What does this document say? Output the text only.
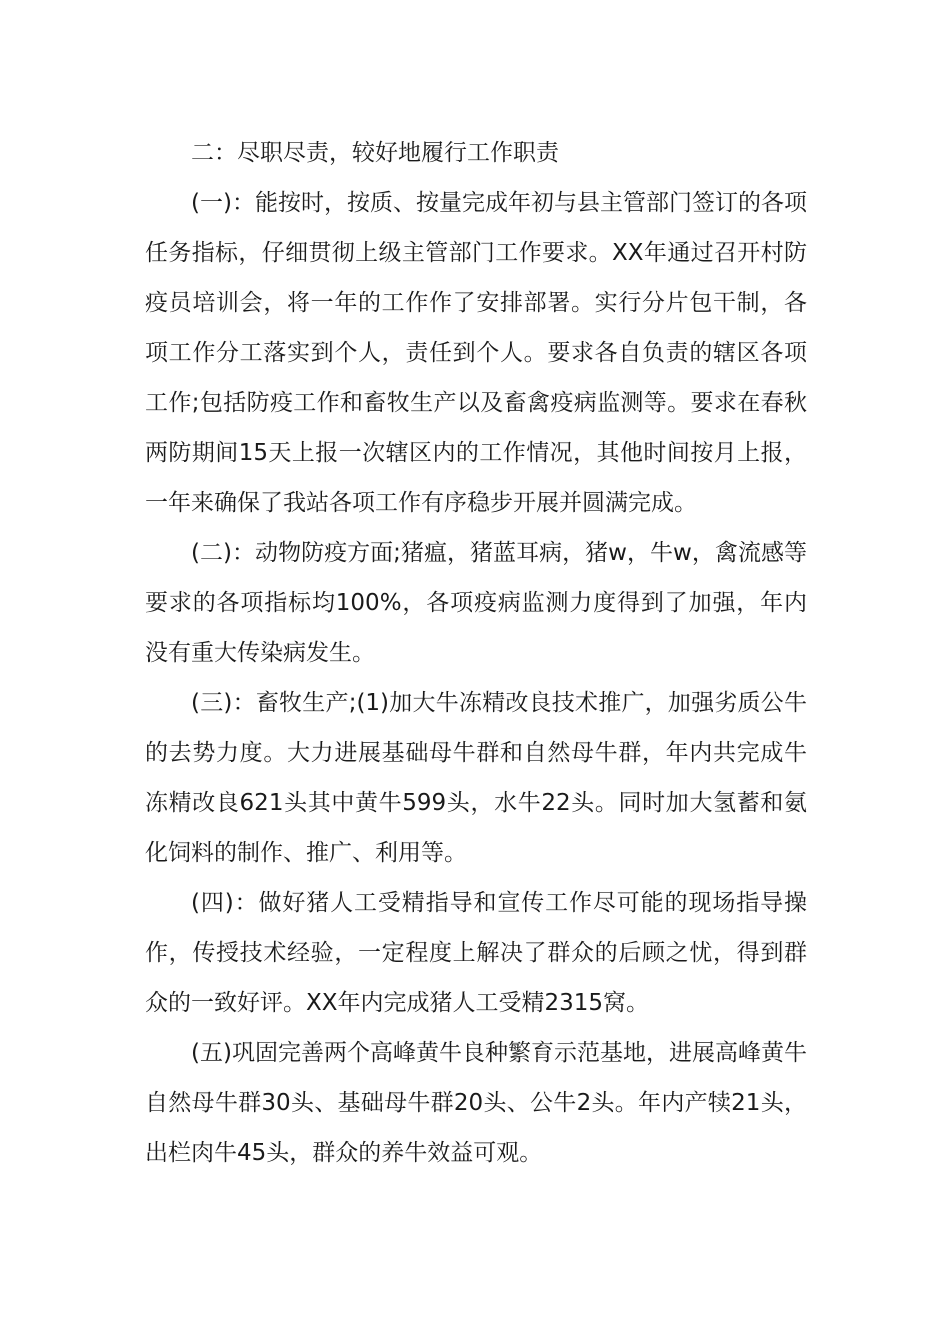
二：尽职尽责，较好地履行工作职责

(一)：能按时，按质、按量完成年初与县主管部门签订的各项任务指标，仔细贯彻上级主管部门工作要求。XX年通过召开村防疫员培训会，将一年的工作作了安排部署。实行分片包干制，各项工作分工落实到个人，责任到个人。要求各自负责的辖区各项工作;包括防疫工作和畜牧生产以及畜禽疫病监测等。要求在春秋两防期间15天上报一次辖区内的工作情况，其他时间按月上报，一年来确保了我站各项工作有序稳步开展并圆满完成。

(二)：动物防疫方面;猪瘟，猪蓝耳病，猪w，牛w，禽流感等要求的各项指标均100%，各项疫病监测力度得到了加强，年内没有重大传染病发生。

(三)：畜牧生产;(1)加大牛冻精改良技术推广，加强劣质公牛的去势力度。大力进展基础母牛群和自然母牛群，年内共完成牛冻精改良621头其中黄牛599头，水牛22头。同时加大氢蓄和氨化饲料的制作、推广、利用等。

(四)：做好猪人工受精指导和宣传工作尽可能的现场指导操作，传授技术经验，一定程度上解决了群众的后顾之忧，得到群众的一致好评。XX年内完成猪人工受精2315窝。

(五)巩固完善两个高峰黄牛良种繁育示范基地，进展高峰黄牛自然母牛群30头、基础母牛群20头、公牛2头。年内产犊21头，出栏肉牛45头，群众的养牛效益可观。
